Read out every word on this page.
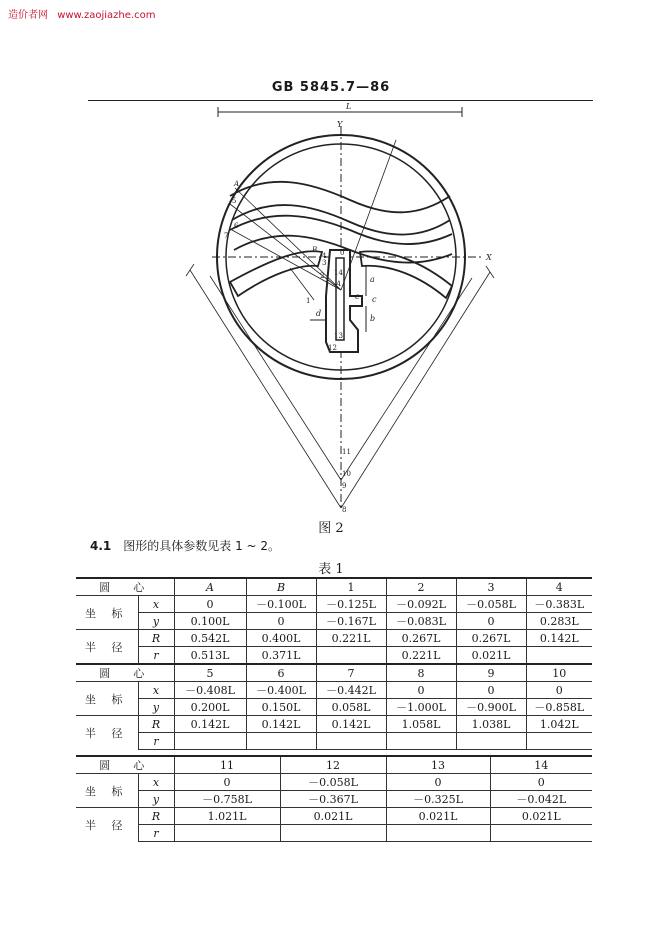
造价者网 www.zaojiazhe.com
GB 5845.7—86
L
Y
X
a
b
c
d
e
A
B	0
A
1
2
3
4
5
6
7
8
9
10
11
12
13
14
图 2
4.1 图形的具体参数见表 1 ~ 2。
表 1
圆　心		A	B	1	2	3	4
坐 标	x	0	－0.100L	－0.125L	－0.092L	－0.058L	－0.383L
	y	0.100L	0	－0.167L	－0.083L	0	0.283L
半 径	R	0.542L	0.400L	0.221L	0.267L	0.267L	0.142L
	r	0.513L	0.371L		0.221L	0.021L	
圆　心		5	6	7	8	9	10
坐 标	x	－0.408L	－0.400L	－0.442L	0	0	0
	y	0.200L	0.150L	0.058L	－1.000L	－0.900L	－0.858L
半 径	R	0.142L	0.142L	0.142L	1.058L	1.038L	1.042L
	r						
圆　心		11	12	13	14
坐 标	x	0	－0.058L	0	0
	y	－0.758L	－0.367L	－0.325L	－0.042L
半 径	R	1.021L	0.021L	0.021L	0.021L
	r				
